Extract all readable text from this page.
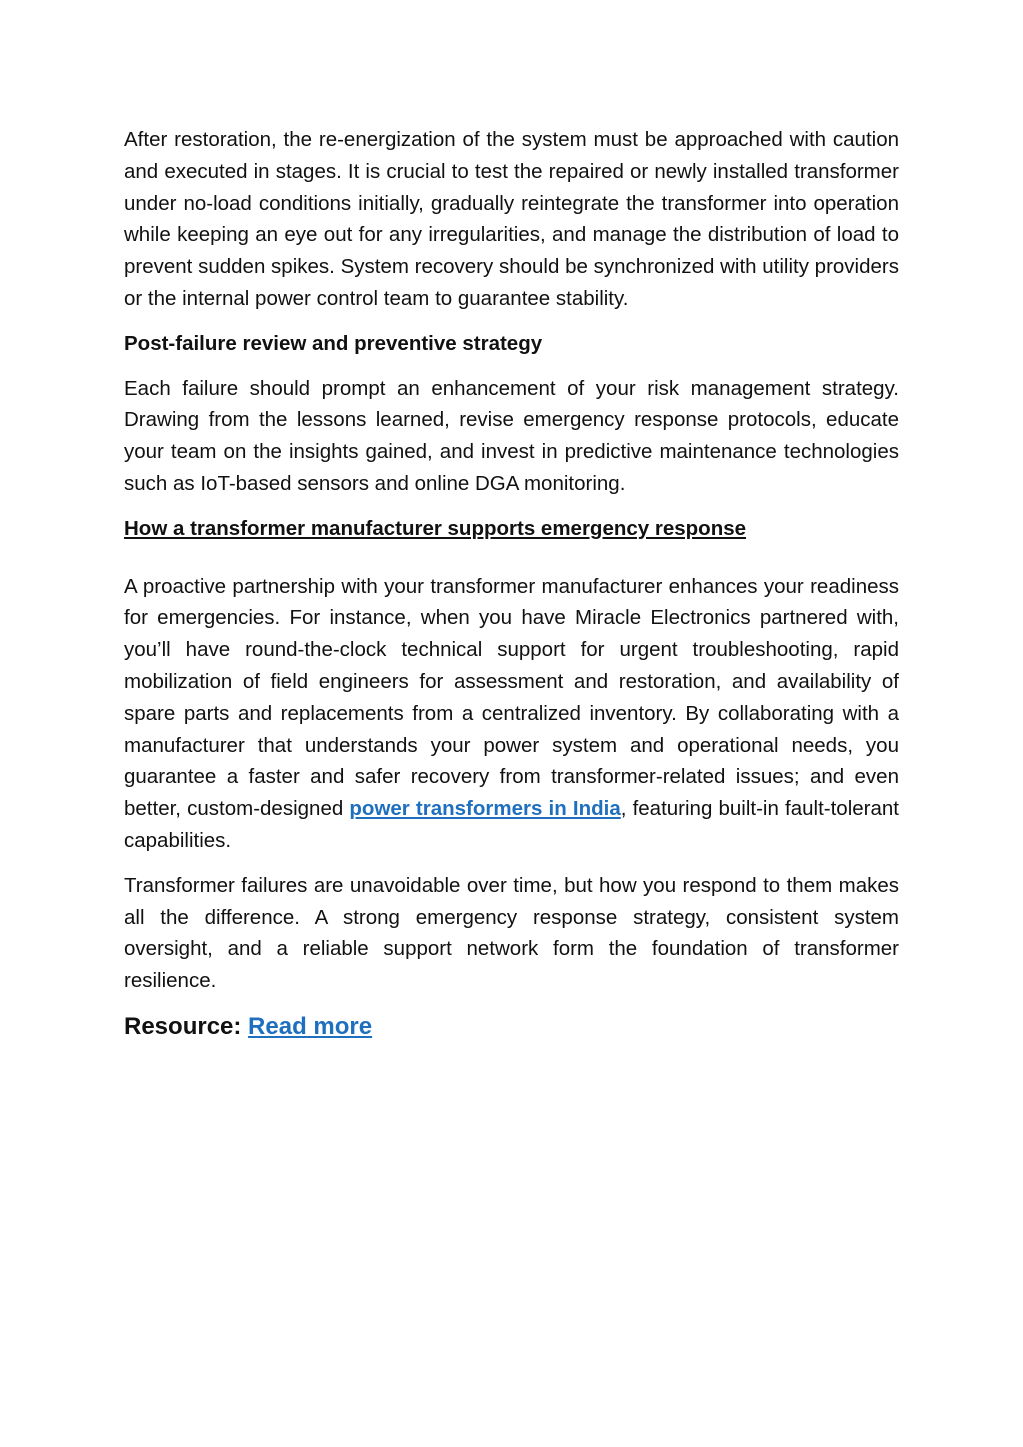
After restoration, the re-energization of the system must be approached with caution and executed in stages. It is crucial to test the repaired or newly installed transformer under no-load conditions initially, gradually reintegrate the transformer into operation while keeping an eye out for any irregularities, and manage the distribution of load to prevent sudden spikes. System recovery should be synchronized with utility providers or the internal power control team to guarantee stability.

Post-failure review and preventive strategy

Each failure should prompt an enhancement of your risk management strategy. Drawing from the lessons learned, revise emergency response protocols, educate your team on the insights gained, and invest in predictive maintenance technologies such as IoT-based sensors and online DGA monitoring.

How a transformer manufacturer supports emergency response

A proactive partnership with your transformer manufacturer enhances your readiness for emergencies. For instance, when you have Miracle Electronics partnered with, you’ll have round-the-clock technical support for urgent troubleshooting, rapid mobilization of field engineers for assessment and restoration, and availability of spare parts and replacements from a centralized inventory. By collaborating with a manufacturer that understands your power system and operational needs, you guarantee a faster and safer recovery from transformer-related issues; and even better, custom-designed power transformers in India, featuring built-in fault-tolerant capabilities.

Transformer failures are unavoidable over time, but how you respond to them makes all the difference. A strong emergency response strategy, consistent system oversight, and a reliable support network form the foundation of transformer resilience.

Resource: Read more
